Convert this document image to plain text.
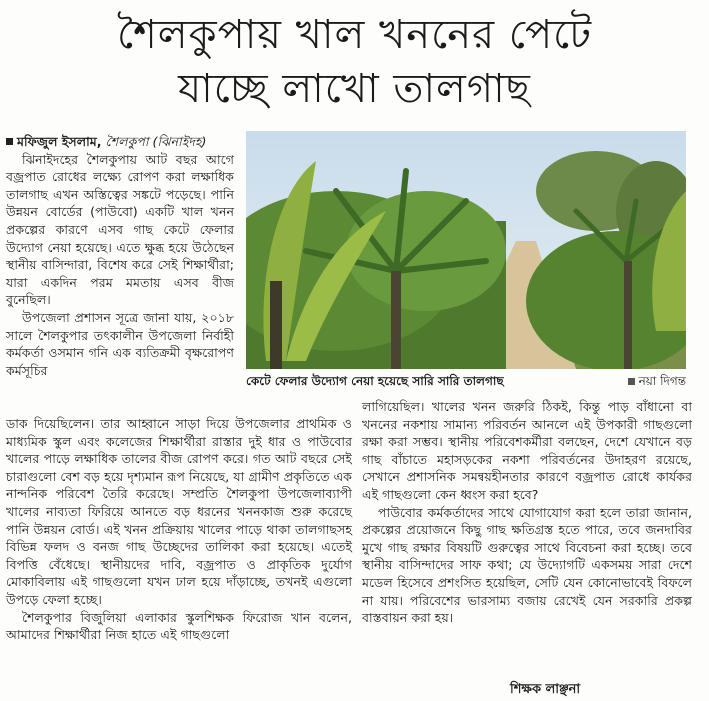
শৈলকুপায় খাল খননের পেটে
যাচ্ছে লাখো তালগাছ
মফিজুল ইসলাম, শৈলকুপা (ঝিনাইদহ)

ঝিনাইদহের শৈলকুপায় আট বছর আগে বজ্রপাত রোধের লক্ষ্যে রোপণ করা লক্ষাধিক তালগাছ এখন অস্তিত্বের সঙ্কটে পড়েছে। পানি উন্নয়ন বোর্ডের (পাউবো) একটি খাল খনন প্রকল্পের কারণে এসব গাছ কেটে ফেলার উদ্যোগ নেয়া হয়েছে। এতে ক্ষুব্ধ হয়ে উঠেছেন স্থানীয় বাসিন্দারা, বিশেষ করে সেই শিক্ষার্থীরা; যারা একদিন পরম মমতায় এসব বীজ বুনেছিল।

উপজেলা প্রশাসন সূত্রে জানা যায়, ২০১৮ সালে শৈলকুপার তৎকালীন উপজেলা নির্বাহী কর্মকর্তা ওসমান গনি এক ব্যতিক্রমী বৃক্ষরোপণ কর্মসূচির

কেটে ফেলার উদ্যোগ নেয়া হয়েছে সারি সারি তালগাছ	নয়া দিগন্ত

ডাক দিয়েছিলেন। তার আহ্বানে সাড়া দিয়ে উপজেলার প্রাথমিক ও মাধ্যমিক স্কুল এবং কলেজের শিক্ষার্থীরা রাস্তার দুই ধার ও পাউবোর খালের পাড়ে লক্ষাধিক তালের বীজ রোপণ করে। গত আট বছরে সেই চারাগুলো বেশ বড় হয়ে দৃশ্যমান রূপ নিয়েছে, যা গ্রামীণ প্রকৃতিতে এক নান্দনিক পরিবেশ তৈরি করেছে। সম্প্রতি শৈলকুপা উপজেলাব্যাপী খালের নাব্যতা ফিরিয়ে আনতে বড় ধরনের খননকাজ শুরু করেছে পানি উন্নয়ন বোর্ড। এই খনন প্রক্রিয়ায় খালের পাড়ে থাকা তালগাছসহ বিভিন্ন ফলদ ও বনজ গাছ উচ্ছেদের তালিকা করা হয়েছে। এতেই বিপত্তি বেঁধেছে। স্থানীয়দের দাবি, বজ্রপাত ও প্রাকৃতিক দুর্যোগ মোকাবিলায় এই গাছগুলো যখন ঢাল হয়ে দাঁড়াচ্ছে, তখনই এগুলো উপড়ে ফেলা হচ্ছে।

শৈলকুপার বিজুলিয়া এলাকার স্কুলশিক্ষক ফিরোজ খান বলেন, আমাদের শিক্ষার্থীরা নিজ হাতে এই গাছগুলো

লাগিয়েছিল। খালের খনন জরুরি ঠিকই, কিন্তু পাড় বাঁধানো বা খননের নকশায় সামান্য পরিবর্তন আনলে এই উপকারী গাছগুলো রক্ষা করা সম্ভব। স্থানীয় পরিবেশকর্মীরা বলছেন, দেশে যেখানে বড় গাছ বাঁচাতে মহাসড়কের নকশা পরিবর্তনের উদাহরণ রয়েছে, সেখানে প্রশাসনিক সমন্বয়হীনতার কারণে বজ্রপাত রোধে কার্যকর এই গাছগুলো কেন ধ্বংস করা হবে?

পাউবোর কর্মকর্তাদের সাথে যোগাযোগ করা হলে তারা জানান, প্রকল্পের প্রয়োজনে কিছু গাছ ক্ষতিগ্রস্ত হতে পারে, তবে জনদাবির মুখে গাছ রক্ষার বিষয়টি গুরুত্বের সাথে বিবেচনা করা হচ্ছে। তবে স্থানীয় বাসিন্দাদের সাফ কথা; যে উদ্যোগটি একসময় সারা দেশে মডেল হিসেবে প্রশংসিত হয়েছিল, সেটি যেন কোনোভাবেই বিফলে না যায়। পরিবেশের ভারসাম্য বজায় রেখেই যেন সরকারি প্রকল্প বাস্তবায়ন করা হয়।

শিক্ষক লাঞ্ছনা
